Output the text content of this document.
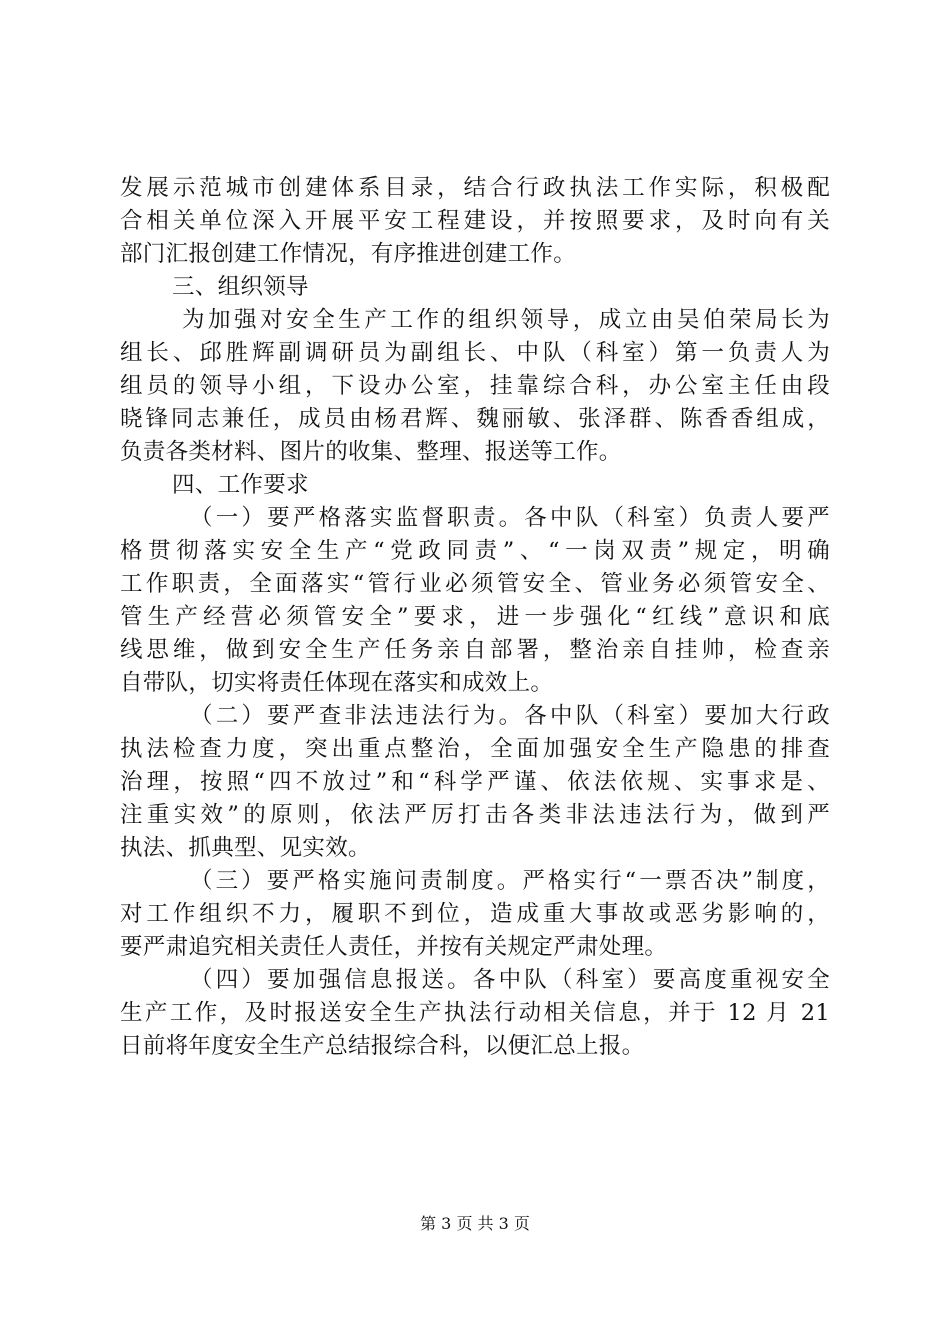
发展示范城市创建体系目录，结合行政执法工作实际，积极配
合相关单位深入开展平安工程建设，并按照要求，及时向有关
部门汇报创建工作情况，有序推进创建工作。
三、组织领导
为加强对安全生产工作的组织领导，成立由吴伯荣局长为
组长、邱胜辉副调研员为副组长、中队（科室）第一负责人为
组员的领导小组，下设办公室，挂靠综合科，办公室主任由段
晓锋同志兼任，成员由杨君辉、魏丽敏、张泽群、陈香香组成，
负责各类材料、图片的收集、整理、报送等工作。
四、工作要求
（一）要严格落实监督职责。各中队（科室）负责人要严
格贯彻落实安全生产“党政同责”、“一岗双责”规定，明确
工作职责，全面落实“管行业必须管安全、管业务必须管安全、
管生产经营必须管安全”要求，进一步强化“红线”意识和底
线思维，做到安全生产任务亲自部署，整治亲自挂帅，检查亲
自带队，切实将责任体现在落实和成效上。
（二）要严查非法违法行为。各中队（科室）要加大行政
执法检查力度，突出重点整治，全面加强安全生产隐患的排查
治理，按照“四不放过”和“科学严谨、依法依规、实事求是、
注重实效”的原则，依法严厉打击各类非法违法行为，做到严
执法、抓典型、见实效。
（三）要严格实施问责制度。严格实行“一票否决”制度，
对工作组织不力，履职不到位，造成重大事故或恶劣影响的，
要严肃追究相关责任人责任，并按有关规定严肃处理。
（四）要加强信息报送。各中队（科室）要高度重视安全
生产工作，及时报送安全生产执法行动相关信息，并于 12 月 21
日前将年度安全生产总结报综合科，以便汇总上报。
第 3 页 共 3 页
